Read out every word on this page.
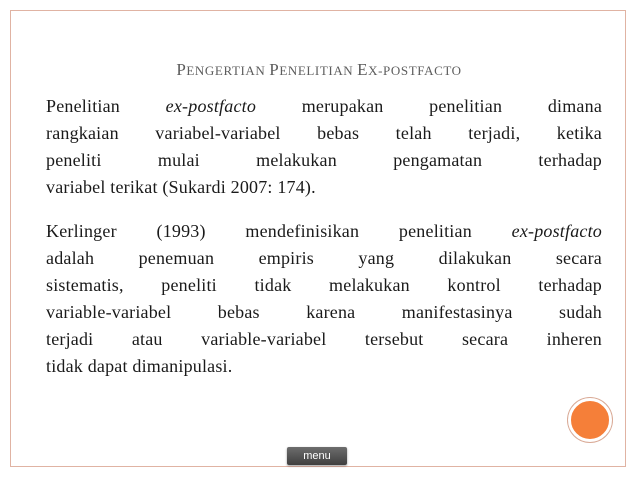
PENGERTIAN PENELITIAN EX-POSTFACTO
Penelitian ex-postfacto merupakan penelitian dimana
rangkaian variabel-variabel bebas telah terjadi, ketika
peneliti mulai melakukan pengamatan terhadap
variabel terikat (Sukardi 2007: 174).
Kerlinger (1993) mendefinisikan penelitian ex-postfacto
adalah penemuan empiris yang dilakukan secara
sistematis, peneliti tidak melakukan kontrol terhadap
variable-variabel bebas karena manifestasinya sudah
terjadi atau variable-variabel tersebut secara inheren
tidak dapat dimanipulasi.
menu
